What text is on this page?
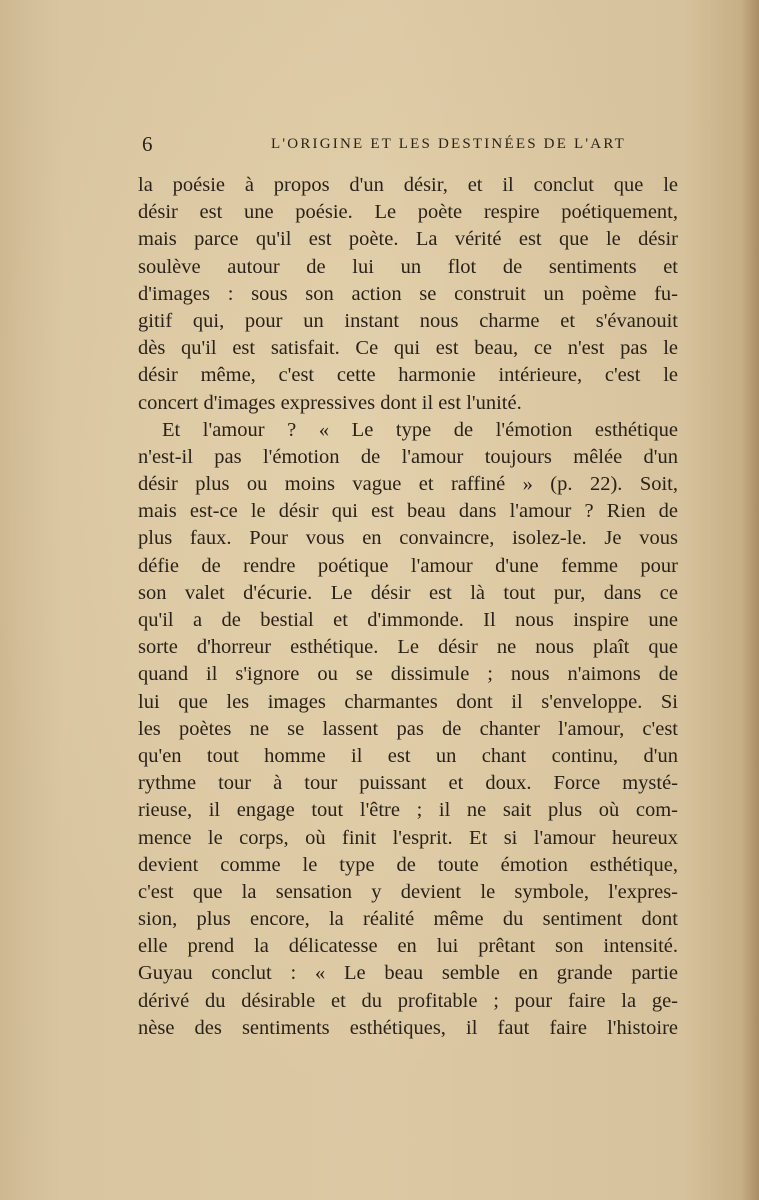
6	L'ORIGINE ET LES DESTINÉES DE L'ART
la poésie à propos d'un désir, et il conclut que le
désir est une poésie. Le poète respire poétiquement,
mais parce qu'il est poète. La vérité est que le désir
soulève autour de lui un flot de sentiments et
d'images : sous son action se construit un poème fu-
gitif qui, pour un instant nous charme et s'évanouit
dès qu'il est satisfait. Ce qui est beau, ce n'est pas le
désir même, c'est cette harmonie intérieure, c'est le
concert d'images expressives dont il est l'unité.
Et l'amour ? « Le type de l'émotion esthétique
n'est-il pas l'émotion de l'amour toujours mêlée d'un
désir plus ou moins vague et raffiné » (p. 22). Soit,
mais est-ce le désir qui est beau dans l'amour ? Rien de
plus faux. Pour vous en convaincre, isolez-le. Je vous
défie de rendre poétique l'amour d'une femme pour
son valet d'écurie. Le désir est là tout pur, dans ce
qu'il a de bestial et d'immonde. Il nous inspire une
sorte d'horreur esthétique. Le désir ne nous plaît que
quand il s'ignore ou se dissimule ; nous n'aimons de
lui que les images charmantes dont il s'enveloppe. Si
les poètes ne se lassent pas de chanter l'amour, c'est
qu'en tout homme il est un chant continu, d'un
rythme tour à tour puissant et doux. Force mysté-
rieuse, il engage tout l'être ; il ne sait plus où com-
mence le corps, où finit l'esprit. Et si l'amour heureux
devient comme le type de toute émotion esthétique,
c'est que la sensation y devient le symbole, l'expres-
sion, plus encore, la réalité même du sentiment dont
elle prend la délicatesse en lui prêtant son intensité.
Guyau conclut : « Le beau semble en grande partie
dérivé du désirable et du profitable ; pour faire la ge-
nèse des sentiments esthétiques, il faut faire l'histoire
